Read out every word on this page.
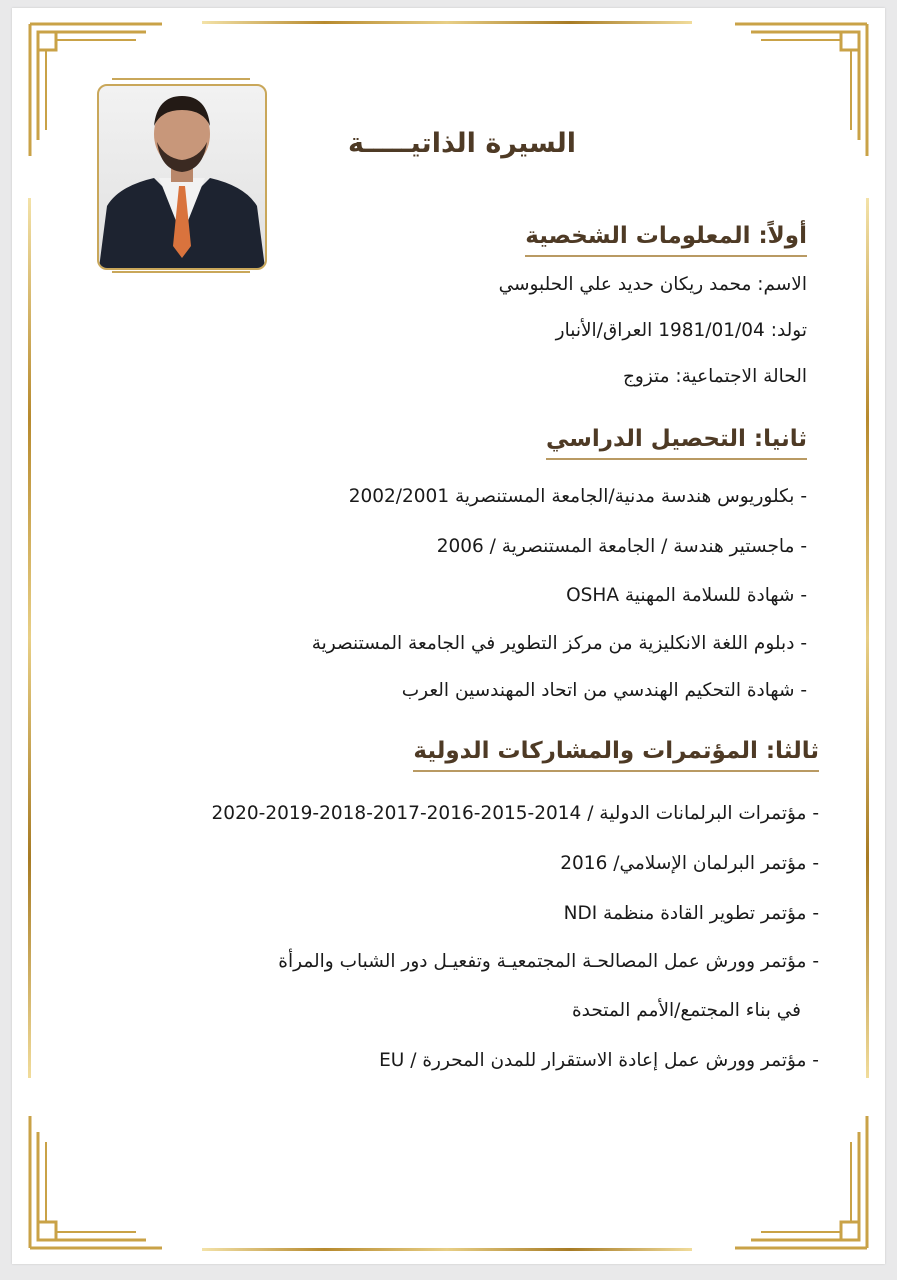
السيرة الذاتيـــــة
أولاً: المعلومات الشخصية
الاسم: محمد ريكان حديد علي الحلبوسي
تولد: 1981/01/04 العراق/الأنبار
الحالة الاجتماعية: متزوج
ثانيا: التحصيل الدراسي
- بكلوريوس هندسة مدنية/الجامعة المستنصرية 2002/2001
- ماجستير هندسة / الجامعة المستنصرية / 2006
- شهادة للسلامة المهنية OSHA
- دبلوم اللغة الانكليزية من مركز التطوير في الجامعة المستنصرية
- شهادة التحكيم الهندسي من اتحاد المهندسين العرب
ثالثا: المؤتمرات والمشاركات الدولية
- مؤتمرات البرلمانات الدولية / 2014-2015-2016-2017-2018-2019-2020
- مؤتمر البرلمان الإسلامي/ 2016
- مؤتمر تطوير القادة منظمة NDI
- مؤتمر وورش عمل المصالحـة المجتمعيـة وتفعيـل دور الشباب والمرأة
في بناء المجتمع/الأمم المتحدة
- مؤتمر وورش عمل إعادة الاستقرار للمدن المحررة / EU
